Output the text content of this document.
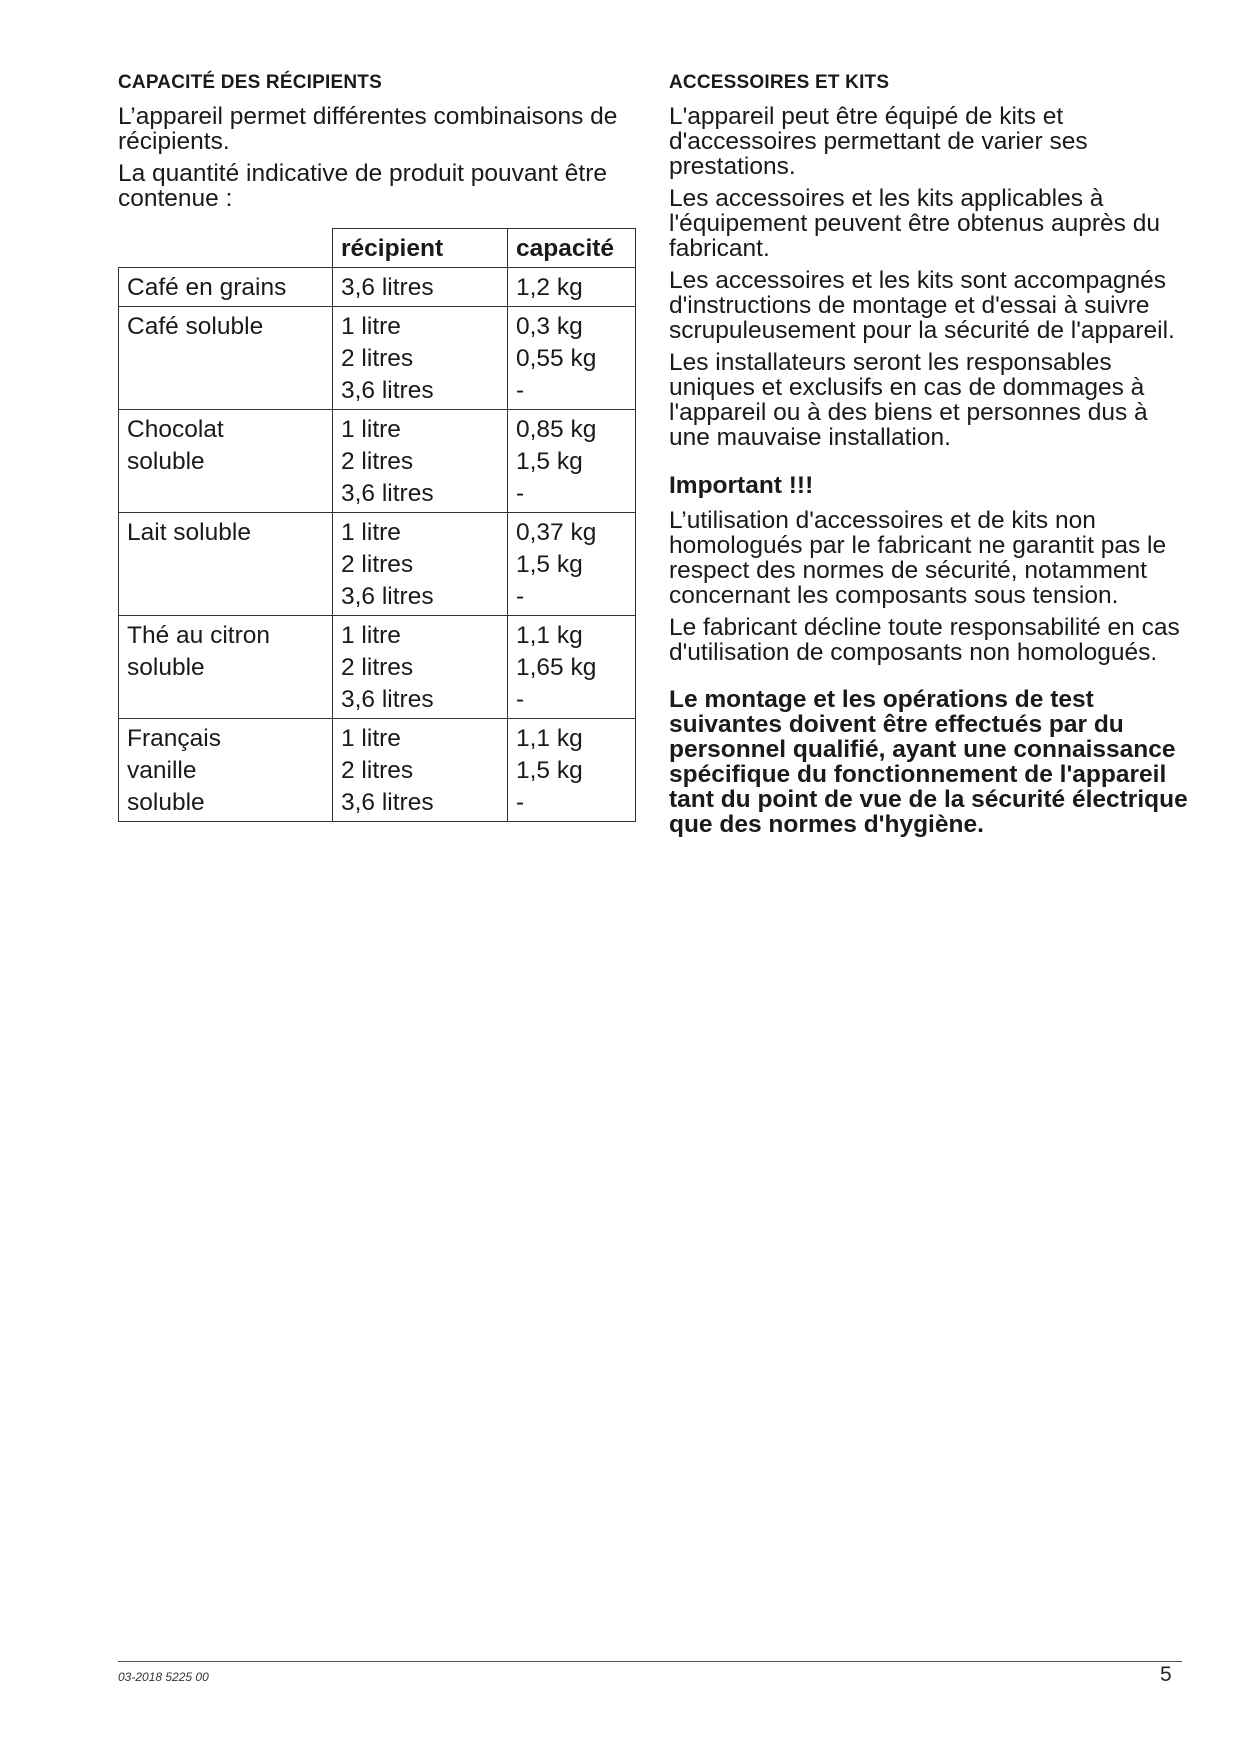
CAPACITÉ DES RÉCIPIENTS

L’appareil permet différentes combinaisons de récipients.

La quantité indicative de produit pouvant être contenue :

	récipient	capacité

Café en grains	3,6 litres	1,2 kg

Café soluble	1 litre
2 litres
3,6 litres	0,3 kg
0,55 kg
-

Chocolat
soluble	1 litre
2 litres
3,6 litres	0,85 kg
1,5 kg
-

Lait soluble	1 litre
2 litres
3,6 litres	0,37 kg
1,5 kg
-

Thé au citron
soluble	1 litre
2 litres
3,6 litres	1,1 kg
1,65 kg
-

Français
vanille
soluble	1 litre
2 litres
3,6 litres	1,1 kg
1,5 kg
-
ACCESSOIRES ET KITS

L'appareil peut être équipé de kits et d'accessoires permettant de varier ses prestations.

Les accessoires et les kits applicables à l'équipement peuvent être obtenus auprès du fabricant.

Les accessoires et les kits sont accompagnés d'instructions de montage et d'essai à suivre scrupuleusement pour la sécurité de l'appareil.

Les installateurs seront les responsables uniques et exclusifs en cas de dommages à l'appareil ou à des biens et personnes dus à une mauvaise installation.

Important !!!

L’utilisation d'accessoires et de kits non homologués par le fabricant ne garantit pas le respect des normes de sécurité, notamment concernant les composants sous tension.

Le fabricant décline toute responsabilité en cas d'utilisation de composants non homologués.

Le montage et les opérations de test suivantes doivent être effectués par du personnel qualifié, ayant une connaissance spécifique du fonctionnement de l'appareil tant du point de vue de la sécurité électrique que des normes d'hygiène.

03-2018 5225 00	5
